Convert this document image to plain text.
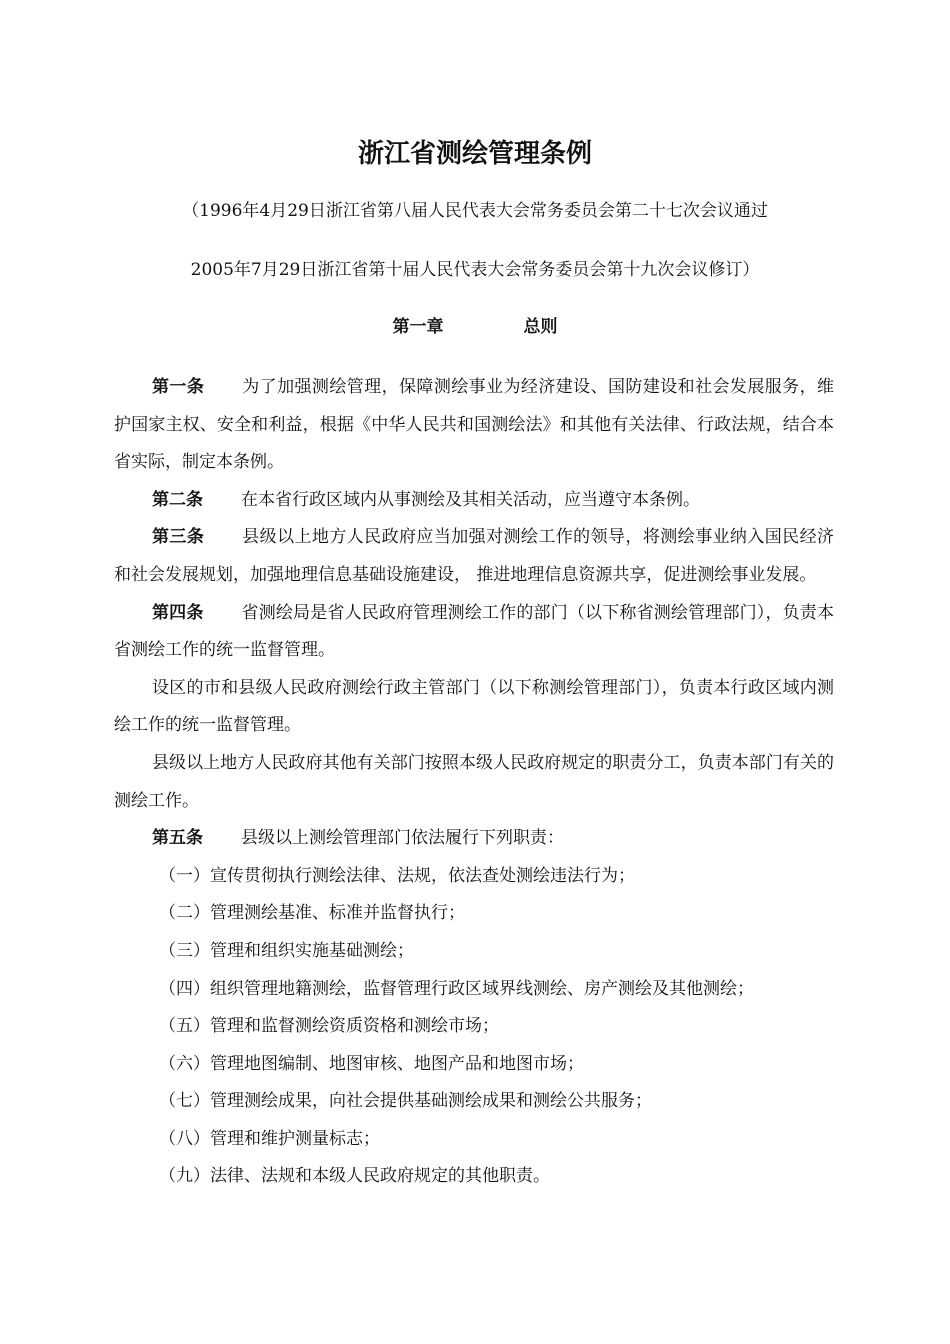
浙江省测绘管理条例
（1996年4月29日浙江省第八届人民代表大会常务委员会第二十七次会议通过
2005年7月29日浙江省第十届人民代表大会常务委员会第十九次会议修订）
第一章	总则

第一条 为了加强测绘管理，保障测绘事业为经济建设、国防建设和社会发展服务，维护国家主权、安全和利益，根据《中华人民共和国测绘法》和其他有关法律、行政法规，结合本省实际，制定本条例。

第二条 在本省行政区域内从事测绘及其相关活动，应当遵守本条例。

第三条 县级以上地方人民政府应当加强对测绘工作的领导，将测绘事业纳入国民经济和社会发展规划，加强地理信息基础设施建设， 推进地理信息资源共享，促进测绘事业发展。

第四条 省测绘局是省人民政府管理测绘工作的部门（以下称省测绘管理部门），负责本省测绘工作的统一监督管理。

设区的市和县级人民政府测绘行政主管部门（以下称测绘管理部门），负责本行政区域内测绘工作的统一监督管理。

县级以上地方人民政府其他有关部门按照本级人民政府规定的职责分工，负责本部门有关的测绘工作。

第五条 县级以上测绘管理部门依法履行下列职责：

（一）宣传贯彻执行测绘法律、法规，依法查处测绘违法行为；

（二）管理测绘基准、标准并监督执行；

（三）管理和组织实施基础测绘；

（四）组织管理地籍测绘，监督管理行政区域界线测绘、房产测绘及其他测绘；

（五）管理和监督测绘资质资格和测绘市场；

（六）管理地图编制、地图审核、地图产品和地图市场；

（七）管理测绘成果，向社会提供基础测绘成果和测绘公共服务；

（八）管理和维护测量标志；

（九）法律、法规和本级人民政府规定的其他职责。
